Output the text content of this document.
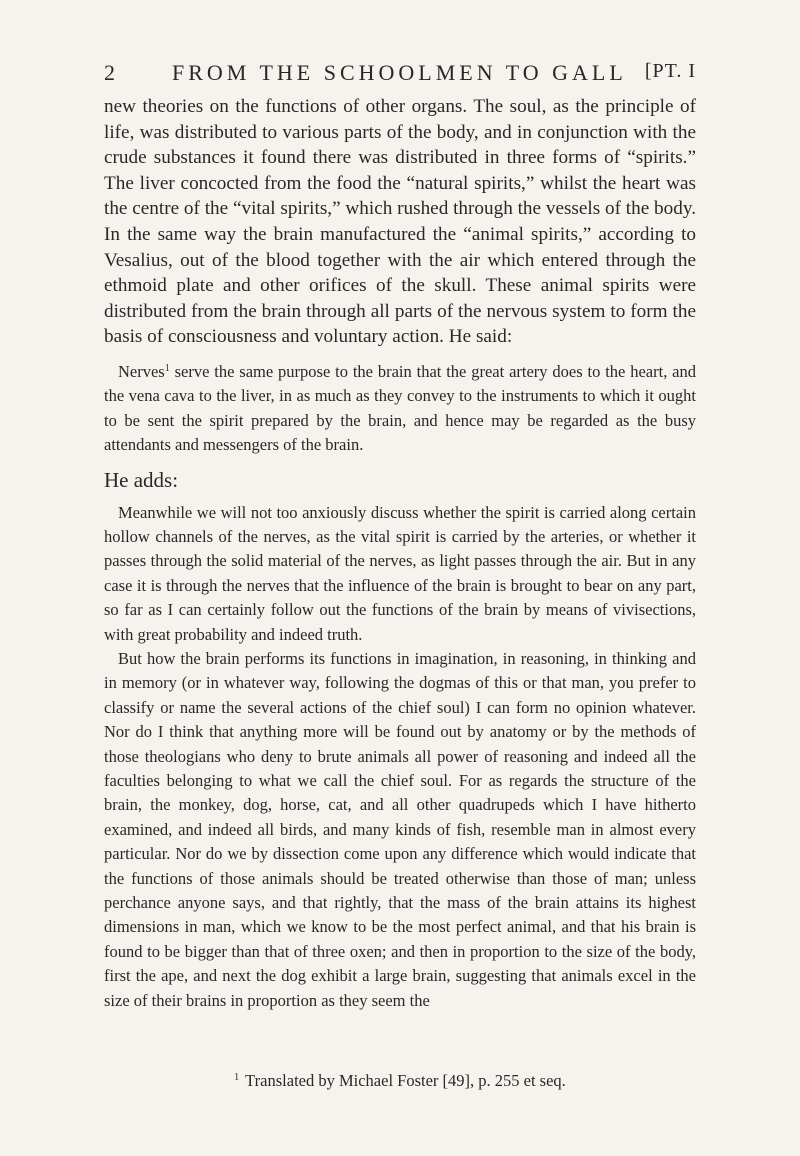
2	FROM THE SCHOOLMEN TO GALL [PT. I

new theories on the functions of other organs. The soul, as the principle of life, was distributed to various parts of the body, and in conjunction with the crude substances it found there was distributed in three forms of “spirits.” The liver concocted from the food the “natural spirits,” whilst the heart was the centre of the “vital spirits,” which rushed through the vessels of the body. In the same way the brain manufactured the “animal spirits,” according to Vesalius, out of the blood together with the air which entered through the ethmoid plate and other orifices of the skull. These animal spirits were distributed from the brain through all parts of the nervous system to form the basis of consciousness and voluntary action. He said:

Nerves$^1$ serve the same purpose to the brain that the great artery does to the heart, and the vena cava to the liver, in as much as they convey to the instruments to which it ought to be sent the spirit prepared by the brain, and hence may be regarded as the busy attendants and messengers of the brain.

He adds:

Meanwhile we will not too anxiously discuss whether the spirit is carried along certain hollow channels of the nerves, as the vital spirit is carried by the arteries, or whether it passes through the solid material of the nerves, as light passes through the air. But in any case it is through the nerves that the influence of the brain is brought to bear on any part, so far as I can certainly follow out the functions of the brain by means of vivisections, with great probability and indeed truth.

But how the brain performs its functions in imagination, in reasoning, in thinking and in memory (or in whatever way, following the dogmas of this or that man, you prefer to classify or name the several actions of the chief soul) I can form no opinion whatever. Nor do I think that anything more will be found out by anatomy or by the methods of those theologians who deny to brute animals all power of reasoning and indeed all the faculties belonging to what we call the chief soul. For as regards the structure of the brain, the monkey, dog, horse, cat, and all other quadrupeds which I have hitherto examined, and indeed all birds, and many kinds of fish, resemble man in almost every particular. Nor do we by dissection come upon any difference which would indicate that the functions of those animals should be treated otherwise than those of man; unless perchance anyone says, and that rightly, that the mass of the brain attains its highest dimensions in man, which we know to be the most perfect animal, and that his brain is found to be bigger than that of three oxen; and then in proportion to the size of the body, first the ape, and next the dog exhibit a large brain, suggesting that animals excel in the size of their brains in proportion as they seem the

$^1$ Translated by Michael Foster [49], p. 255 et seq.
